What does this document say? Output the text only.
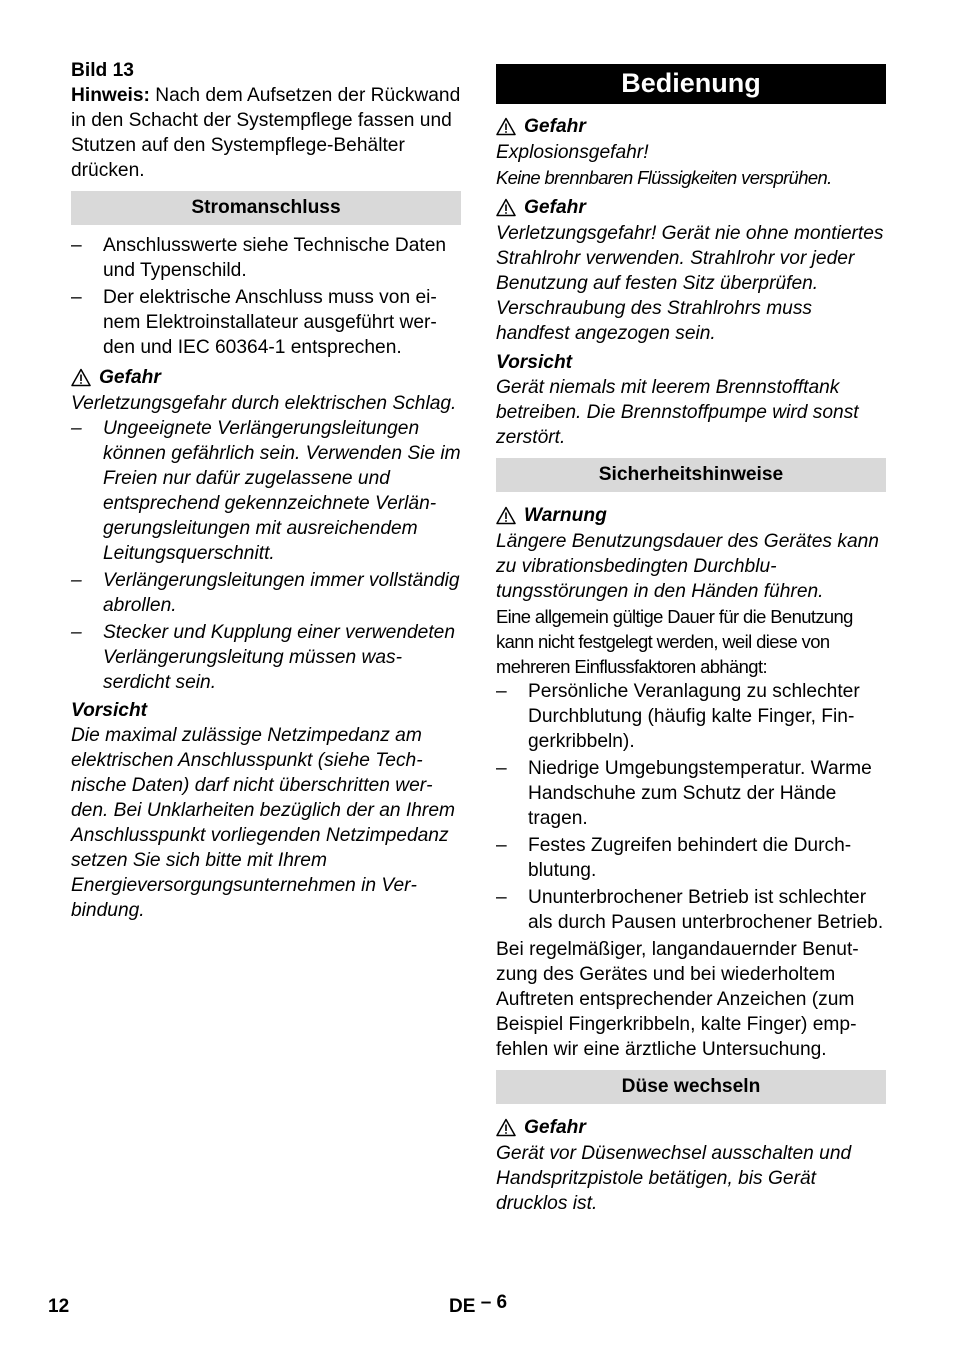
Bild 13

Hinweis: Nach dem Aufsetzen der Rückwand in den Schacht der Systempflege fassen und Stutzen auf den Systempflege-Behälter drücken.

Stromanschluss
– Anschlusswerte siehe Technische Daten und Typenschild.
– Der elektrische Anschluss muss von einem Elektroinstallateur ausgeführt werden und IEC 60364-1 entsprechen.
Gefahr

Verletzungsgefahr durch elektrischen Schlag.

– Ungeeignete Verlängerungsleitungen können gefährlich sein. Verwenden Sie im Freien nur dafür zugelassene und entsprechend gekennzeichnete Verlängerungsleitungen mit ausreichendem Leitungsquerschnitt.
– Verlängerungsleitungen immer vollständig abrollen.
– Stecker und Kupplung einer verwendeten Verlängerungsleitung müssen wasserdicht sein.

Vorsicht

Die maximal zulässige Netzimpedanz am elektrischen Anschlusspunkt (siehe Technische Daten) darf nicht überschritten werden. Bei Unklarheiten bezüglich der an Ihrem Anschlusspunkt vorliegenden Netzimpedanz setzen Sie sich bitte mit Ihrem Energieversorgungsunternehmen in Verbindung.

Bedienung
Gefahr

Explosionsgefahr!

Keine brennbaren Flüssigkeiten versprühen.

Gefahr

Verletzungsgefahr! Gerät nie ohne montiertes Strahlrohr verwenden. Strahlrohr vor jeder Benutzung auf festen Sitz überprüfen. Verschraubung des Strahlrohrs muss handfest angezogen sein.

Vorsicht

Gerät niemals mit leerem Brennstofftank betreiben. Die Brennstoffpumpe wird sonst zerstört.

Sicherheitshinweise
Warnung

Längere Benutzungsdauer des Gerätes kann zu vibrationsbedingten Durchblutungsstörungen in den Händen führen.

Eine allgemein gültige Dauer für die Benutzung kann nicht festgelegt werden, weil diese von mehreren Einflussfaktoren abhängt:

– Persönliche Veranlagung zu schlechter Durchblutung (häufig kalte Finger, Fingerkribbeln).
– Niedrige Umgebungstemperatur. Warme Handschuhe zum Schutz der Hände tragen.
– Festes Zugreifen behindert die Durchblutung.
– Ununterbrochener Betrieb ist schlechter als durch Pausen unterbrochener Betrieb.

Bei regelmäßiger, langandauernder Benutzung des Gerätes und bei wiederholtem Auftreten entsprechender Anzeichen (zum Beispiel Fingerkribbeln, kalte Finger) empfehlen wir eine ärztliche Untersuchung.

Düse wechseln
Gefahr

Gerät vor Düsenwechsel ausschalten und Handspritzpistole betätigen, bis Gerät drucklos ist.

12	DE – 6
